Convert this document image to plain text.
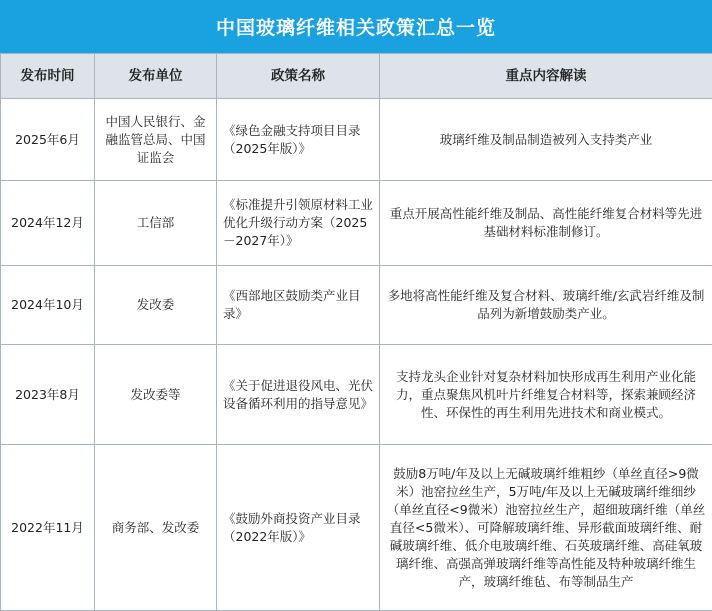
中国玻璃纤维相关政策汇总一览
发布时间	发布单位	政策名称	重点内容解读
2025年6月	中国人民银行、金融监管总局、中国证监会	《绿色金融支持项目目录（2025年版）》	玻璃纤维及制品制造被列入支持类产业
2024年12月	工信部	《标准提升引领原材料工业优化升级行动方案（2025－2027年）》	重点开展高性能纤维及制品、高性能纤维复合材料等先进基础材料标准制修订。
2024年10月	发改委	《西部地区鼓励类产业目录》	多地将高性能纤维及复合材料、玻璃纤维/玄武岩纤维及制品列为新增鼓励类产业。
2023年8月	发改委等	《关于促进退役风电、光伏设备循环利用的指导意见》	支持龙头企业针对复杂材料加快形成再生利用产业化能力，重点聚焦风机叶片纤维复合材料等，探索兼顾经济性、环保性的再生利用先进技术和商业模式。
2022年11月	商务部、发改委	《鼓励外商投资产业目录（2022年版）》	鼓励8万吨/年及以上无碱玻璃纤维粗纱（单丝直径>9微米）池窑拉丝生产，5万吨/年及以上无碱玻璃纤维细纱（单丝直径<9微米）池窑拉丝生产，超细玻璃纤维（单丝直径<5微米）、可降解玻璃纤维、异形截面玻璃纤维、耐碱玻璃纤维、低介电玻璃纤维、石英玻璃纤维、高硅氧玻璃纤维、高强高弹玻璃纤维等高性能及特种玻璃纤维生产，玻璃纤维毡、布等制品生产
